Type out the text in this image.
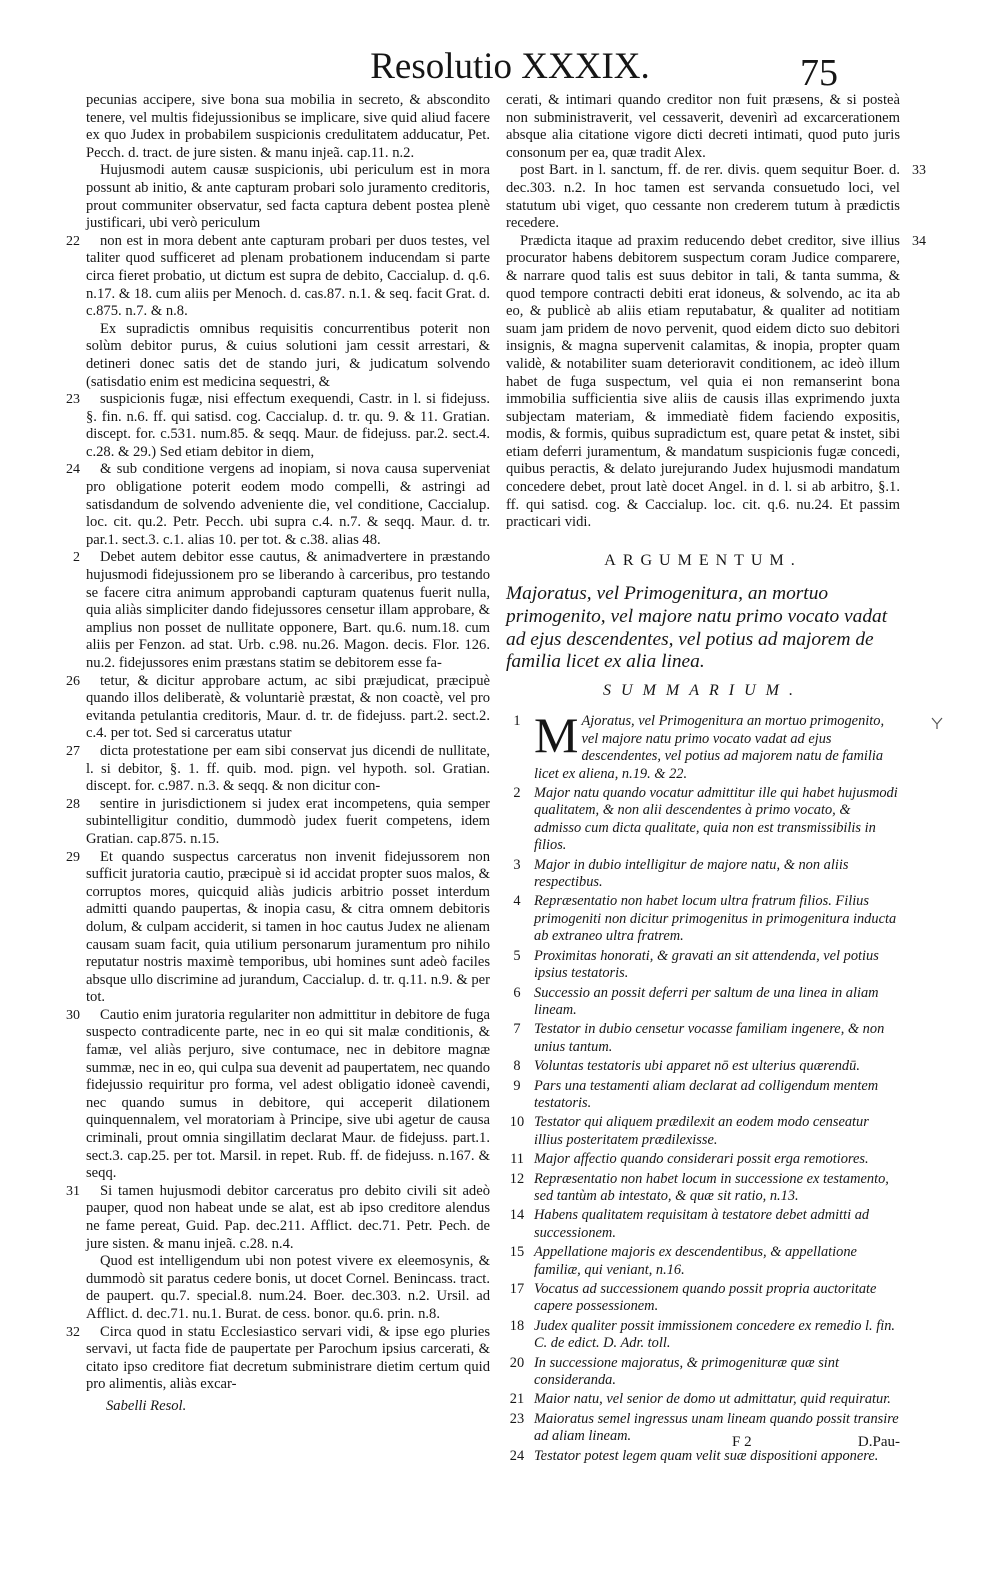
Resolutio XXXIX.	75

pecunias accipere, sive bona sua mobilia in secreto, & abscondito tenere, vel multis fidejussionibus se implicare, sive quid aliud facere ex quo Judex in probabilem suspicionis credulitatem adducatur, Pet. Pecch. d. tract. de jure sisten. & manu injeã. cap.11. n.2.

Hujusmodi autem causæ suspicionis, ubi periculum est in mora possunt ab initio, & ante capturam probari solo juramento creditoris, prout communiter observatur, sed facta captura debent postea plenè justificari, ubi verò periculum

22 non est in mora debent ante capturam probari per duos testes, vel taliter quod sufficeret ad plenam probationem inducendam si parte circa fieret probatio, ut dictum est supra de debito, Caccialup. d. q.6. n.17. & 18. cum aliis per Menoch. d. cas.87. n.1. & seq. facit Grat. d. c.875. n.7. & n.8.

Ex supradictis omnibus requisitis concurrentibus poterit non solùm debitor purus, & cuius solutioni jam cessit arrestari, & detineri donec satis det de stando juri, & judicatum solvendo (satisdatio enim est medicina sequestri, &

23 suspicionis fugæ, nisi effectum exequendi, Castr. in l. si fidejuss. §. fin. n.6. ff. qui satisd. cog. Caccialup. d. tr. qu. 9. & 11. Gratian. discept. for. c.531. num.85. & seqq. Maur. de fidejuss. par.2. sect.4. c.28. & 29.) Sed etiam debitor in diem,

24 & sub conditione vergens ad inopiam, si nova causa superveniat pro obligatione poterit eodem modo compelli, & astringi ad satisdandum de solvendo adveniente die, vel conditione, Caccialup. loc. cit. qu.2. Petr. Pecch. ubi supra c.4. n.7. & seqq. Maur. d. tr. par.1. sect.3. c.1. alias 10. per tot. & c.38. alias 48.

2 Debet autem debitor esse cautus, & animadvertere in præstando hujusmodi fidejussionem pro se liberando à carceribus, pro testando se facere citra animum approbandi capturam quatenus fuerit nulla, quia aliàs simpliciter dando fidejussores censetur illam approbare, & amplius non posset de nullitate opponere, Bart. qu.6. num.18. cum aliis per Fenzon. ad stat. Urb. c.98. nu.26. Magon. decis. Flor. 126. nu.2. fidejussores enim præstans statim se debitorem esse fa-

26 tetur, & dicitur approbare actum, ac sibi præjudicat, præcipuè quando illos deliberatè, & voluntariè præstat, & non coactè, vel pro evitanda petulantia creditoris, Maur. d. tr. de fidejuss. part.2. sect.2. c.4. per tot. Sed si carceratus utatur

27 dicta protestatione per eam sibi conservat jus dicendi de nullitate, l. si debitor, §. 1. ff. quib. mod. pign. vel hypoth. sol. Gratian. discept. for. c.987. n.3. & seqq. & non dicitur con-

28 sentire in jurisdictionem si judex erat incompetens, quia semper subintelligitur conditio, dummodò judex fuerit competens, idem Gratian. cap.875. n.15.

29 Et quando suspectus carceratus non invenit fidejussorem non sufficit juratoria cautio, præcipuè si id accidat propter suos malos, & corruptos mores, quicquid aliàs judicis arbitrio posset interdum admitti quando paupertas, & inopia casu, & citra omnem debitoris dolum, & culpam acciderit, si tamen in hoc cautus Judex ne alienam causam suam facit, quia utilium personarum juramentum pro nihilo reputatur nostris maximè temporibus, ubi homines sunt adeò faciles absque ullo discrimine ad jurandum, Caccialup. d. tr. q.11. n.9. & per tot.

30 Cautio enim juratoria regulariter non admittitur in debitore de fuga suspecto contradicente parte, nec in eo qui sit malæ conditionis, & famæ, vel aliàs perjuro, sive contumace, nec in debitore magnæ summæ, nec in eo, qui culpa sua devenit ad paupertatem, nec quando fidejussio requiritur pro forma, vel adest obligatio idoneè cavendi, nec quando sumus in debitore, qui acceperit dilationem quinquennalem, vel moratoriam à Principe, sive ubi agetur de causa criminali, prout omnia singillatim declarat Maur. de fidejuss. part.1. sect.3. cap.25. per tot. Marsil. in repet. Rub. ff. de fidejuss. n.167. & seqq.

31 Si tamen hujusmodi debitor carceratus pro debito civili sit adeò pauper, quod non habeat unde se alat, est ab ipso creditore alendus ne fame pereat, Guid. Pap. dec.211. Afflict. dec.71. Petr. Pech. de jure sisten. & manu injeã. c.28. n.4.

Quod est intelligendum ubi non potest vivere ex eleemosynis, & dummodò sit paratus cedere bonis, ut docet Cornel. Benincass. tract. de paupert. qu.7. special.8. num.24. Boer. dec.303. n.2. Ursil. ad Afflict. d. dec.71. nu.1. Burat. de cess. bonor. qu.6. prin. n.8.

32 Circa quod in statu Ecclesiastico servari vidi, & ipse ego pluries servavi, ut facta fide de paupertate per Parochum ipsius carcerati, & citato ipso creditore fiat decretum subministrare dietim certum quid pro alimentis, aliàs excar-

Sabelli Resol.

cerati, & intimari quando creditor non fuit præsens, & si posteà non subministraverit, vel cessaverit, devenirì ad excarcerationem absque alia citatione vigore dicti decreti intimati, quod puto juris consonum per ea, quæ tradit Alex.

33
post Bart. in l. sanctum, ff. de rer. divis. quem sequitur Boer. d. dec.303. n.2. In hoc tamen est servanda consuetudo loci, vel statutum ubi viget, quo cessante non crederem tutum à prædictis recedere.

34
Prædicta itaque ad praxim reducendo debet creditor, sive illius procurator habens debitorem suspectum coram Judice comparere, & narrare quod talis est suus debitor in tali, & tanta summa, & quod tempore contracti debiti erat idoneus, & solvendo, ac ita ab eo, & publicè ab aliis etiam reputabatur, & qualiter ad notitiam suam jam pridem de novo pervenit, quod eidem dicto suo debitori insignis, & magna supervenit calamitas, & inopia, propter quam validè, & notabiliter suam deterioravit conditionem, ac ideò illum habet de fuga suspectum, vel quia ei non remanserint bona immobilia sufficientia sive aliis de causis illas exprimendo juxta subjectam materiam, & immediatè fidem faciendo expositis, modis, & formis, quibus supradictum est, quare petat & instet, sibi etiam deferri juramentum, & mandatum suspicionis fugæ concedi, quibus peractis, & delato jurejurando Judex hujusmodi mandatum concedere debet, prout latè docet Angel. in d. l. si ab arbitro, §.1. ff. qui satisd. cog. & Caccialup. loc. cit. q.6. nu.24. Et passim practicari vidi.

ARGUMENTUM.

Majoratus, vel Primogenitura, an mortuo primogenito, vel majore natu primo vocato vadat ad ejus descendentes, vel potius ad majorem de familia licet ex alia linea.

SUMMARIUM.

1 M Ajoratus, vel Primogenitura an mortuo primogenito, vel majore natu primo vocato vadat ad ejus descendentes, vel potius ad majorem natu de familia licet ex aliena, n.19. & 22.
2 Major natu quando vocatur admittitur ille qui habet hujusmodi qualitatem, & non alii descendentes à primo vocato, & admisso cum dicta qualitate, quia non est transmissibilis in filios.
3 Major in dubio intelligitur de majore natu, & non aliis respectibus.
4 Repræsentatio non habet locum ultra fratrum filios. Filius primogeniti non dicitur primogenitus in primogenitura inducta ab extraneo ultra fratrem.
5 Proximitas honorati, & gravati an sit attendenda, vel potius ipsius testatoris.
6 Successio an possit deferri per saltum de una linea in aliam lineam.
7 Testator in dubio censetur vocasse familiam ingenere, & non unius tantum.
8 Voluntas testatoris ubi apparet nō est ulterius quærendū.
9 Pars una testamenti aliam declarat ad colligendum mentem testatoris.
10 Testator qui aliquem prædilexit an eodem modo censeatur illius posteritatem prædilexisse.
11 Major affectio quando considerari possit erga remotiores.
12 Repræsentatio non habet locum in successione ex testamento, sed tantùm ab intestato, & quæ sit ratio, n.13.
14 Habens qualitatem requisitam à testatore debet admitti ad successionem.
15 Appellatione majoris ex descendentibus, & appellatione familiæ, qui veniant, n.16.
17 Vocatus ad successionem quando possit propria auctoritate capere possessionem.
18 Judex qualiter possit immissionem concedere ex remedio l. fin. C. de edict. D. Adr. toll.
20 In successione majoratus, & primogenituræ quæ sint consideranda.
21 Maior natu, vel senior de domo ut admittatur, quid requiratur.
23 Maioratus semel ingressus unam lineam quando possit transire ad aliam lineam.
24 Testator potest legem quam velit suæ dispositioni apponere.
F 2	D.Pau-
